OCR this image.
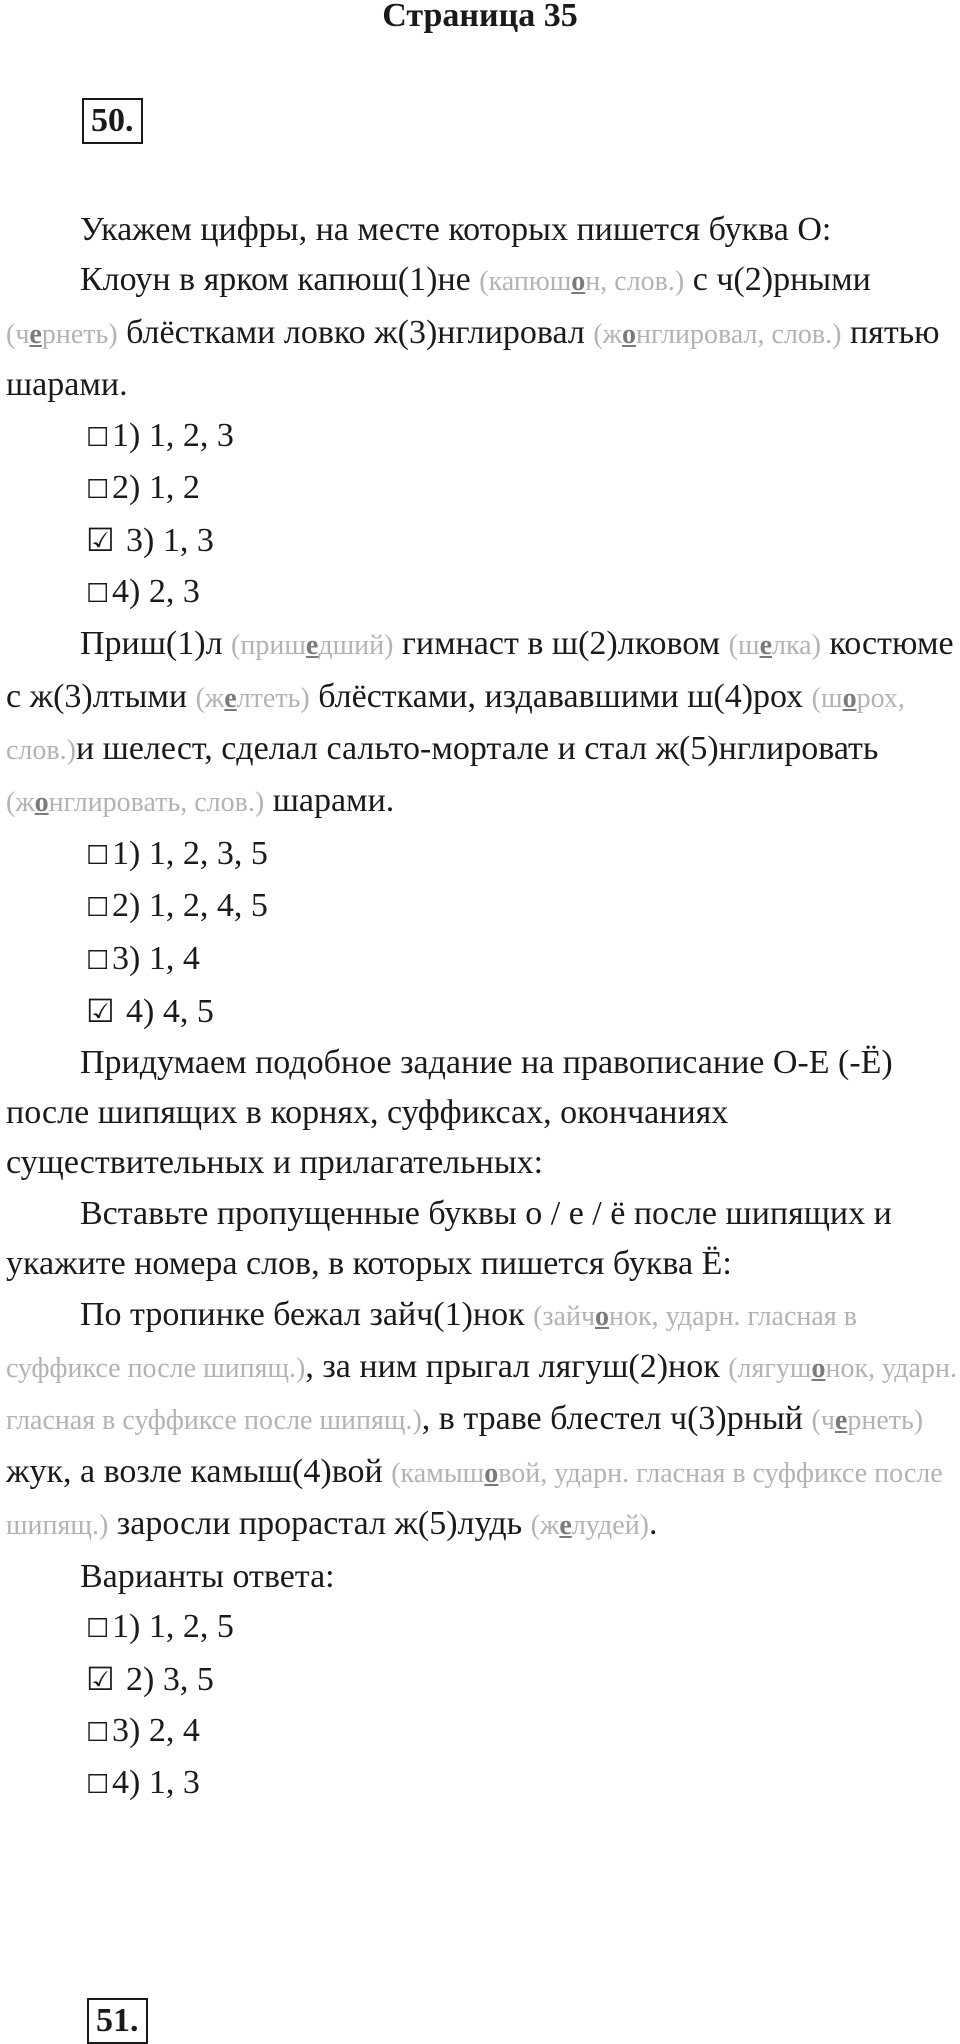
Страница 35
50.

Укажем цифры, на месте которых пишется буква О:

Клоун в ярком капюш(1)не (капюшон, слов.) с ч(2)рными (чернеть) блёстками ловко ж(3)нглировал (жонглировал, слов.) пятью шарами.

☐1) 1, 2, 3

☐2) 1, 2

☑ 3) 1, 3

☐4) 2, 3

Приш(1)л (пришедший) гимнаст в ш(2)лковом (шелка) костюме с ж(3)лтыми (желтеть) блёстками, издававшими ш(4)рох (шорох, слов.)и шелест, сделал сальто-мортале и стал ж(5)нглировать (жонглировать, слов.) шарами.

☐1) 1, 2, 3, 5

☐2) 1, 2, 4, 5

☐3) 1, 4

☑ 4) 4, 5

Придумаем подобное задание на правописание О-Е (-Ё) после шипящих в корнях, суффиксах, окончаниях существительных и прилагательных:

Вставьте пропущенные буквы о / е / ё после шипящих и укажите номера слов, в которых пишется буква Ё:

По тропинке бежал зайч(1)нок (зайчонок, ударн. гласная в суффиксе после шипящ.), за ним прыгал лягуш(2)нок (лягушонок, ударн. гласная в суффиксе после шипящ.), в траве блестел ч(3)рный (чернеть) жук, а возле камыш(4)вой (камышовой, ударн. гласная в суффиксе после шипящ.) заросли прорастал ж(5)лудь (желудей).

Варианты ответа:

☐1) 1, 2, 5

☑ 2) 3, 5

☐3) 2, 4

☐4) 1, 3

51.
